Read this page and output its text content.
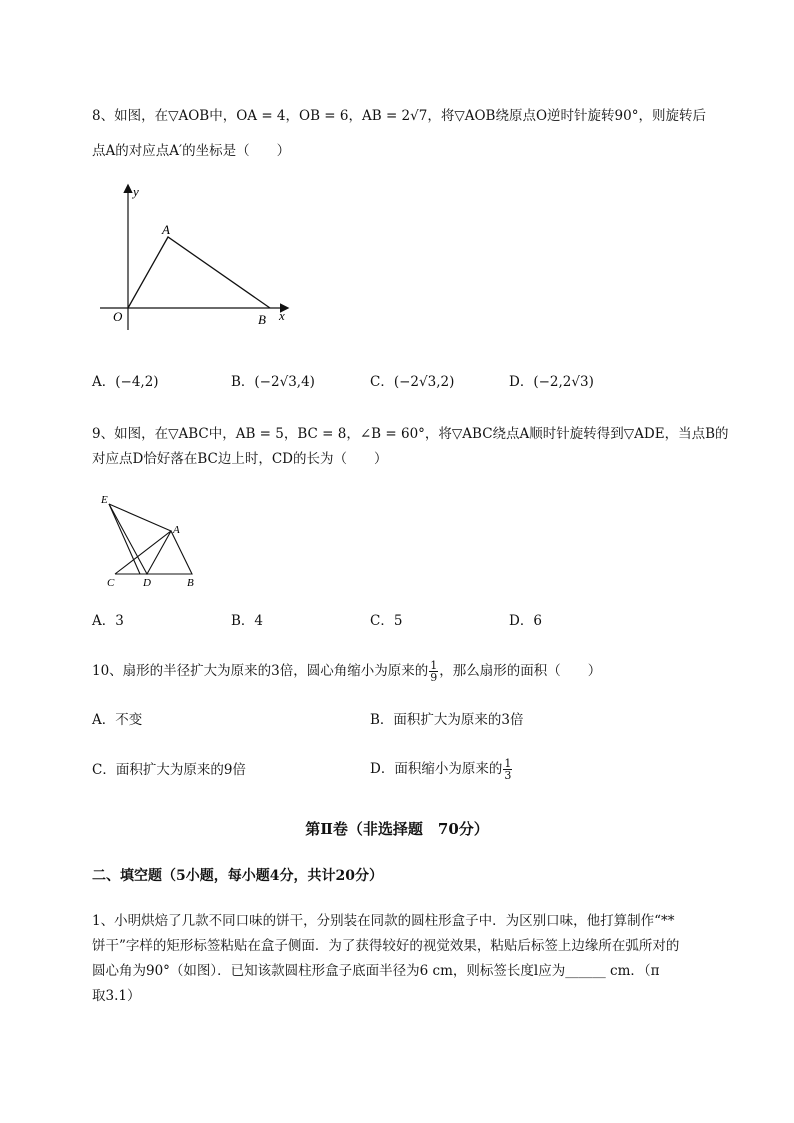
8、如图，在▽AOB中，OA = 4，OB = 6，AB = 2√7，将▽AOB绕原点O逆时针旋转90°，则旋转后
点A的对应点A′的坐标是（　　）
y
A
O	B x
A．(−4,2)	B．(−2√3,4)	C．(−2√3,2)	D．(−2,2√3)
9、如图，在▽ABC中，AB = 5，BC = 8，∠B = 60°，将▽ABC绕点A顺时针旋转得到▽ADE，当点B的
对应点D恰好落在BC边上时，CD的长为（　　）
E
A
C	D	B
A．3	B．4	C．5	D．6
10、扇形的半径扩大为原来的3倍，圆心角缩小为原来的 $\frac{1}{9}$ ，那么扇形的面积（　　）
A．不变	B．面积扩大为原来的3倍
C．面积扩大为原来的9倍	D．面积缩小为原来的 $\frac{1}{3}$
第Ⅱ卷（非选择题　70分）
二、填空题（5小题，每小题4分，共计20分）
1、小明烘焙了几款不同口味的饼干，分别装在同款的圆柱形盒子中．为区别口味，他打算制作“**
饼干”字样的矩形标签粘贴在盒子侧面．为了获得较好的视觉效果，粘贴后标签上边缘所在弧所对的
圆心角为90°（如图）．已知该款圆柱形盒子底面半径为6 cm，则标签长度l应为______ cm．（π
取3.1）
